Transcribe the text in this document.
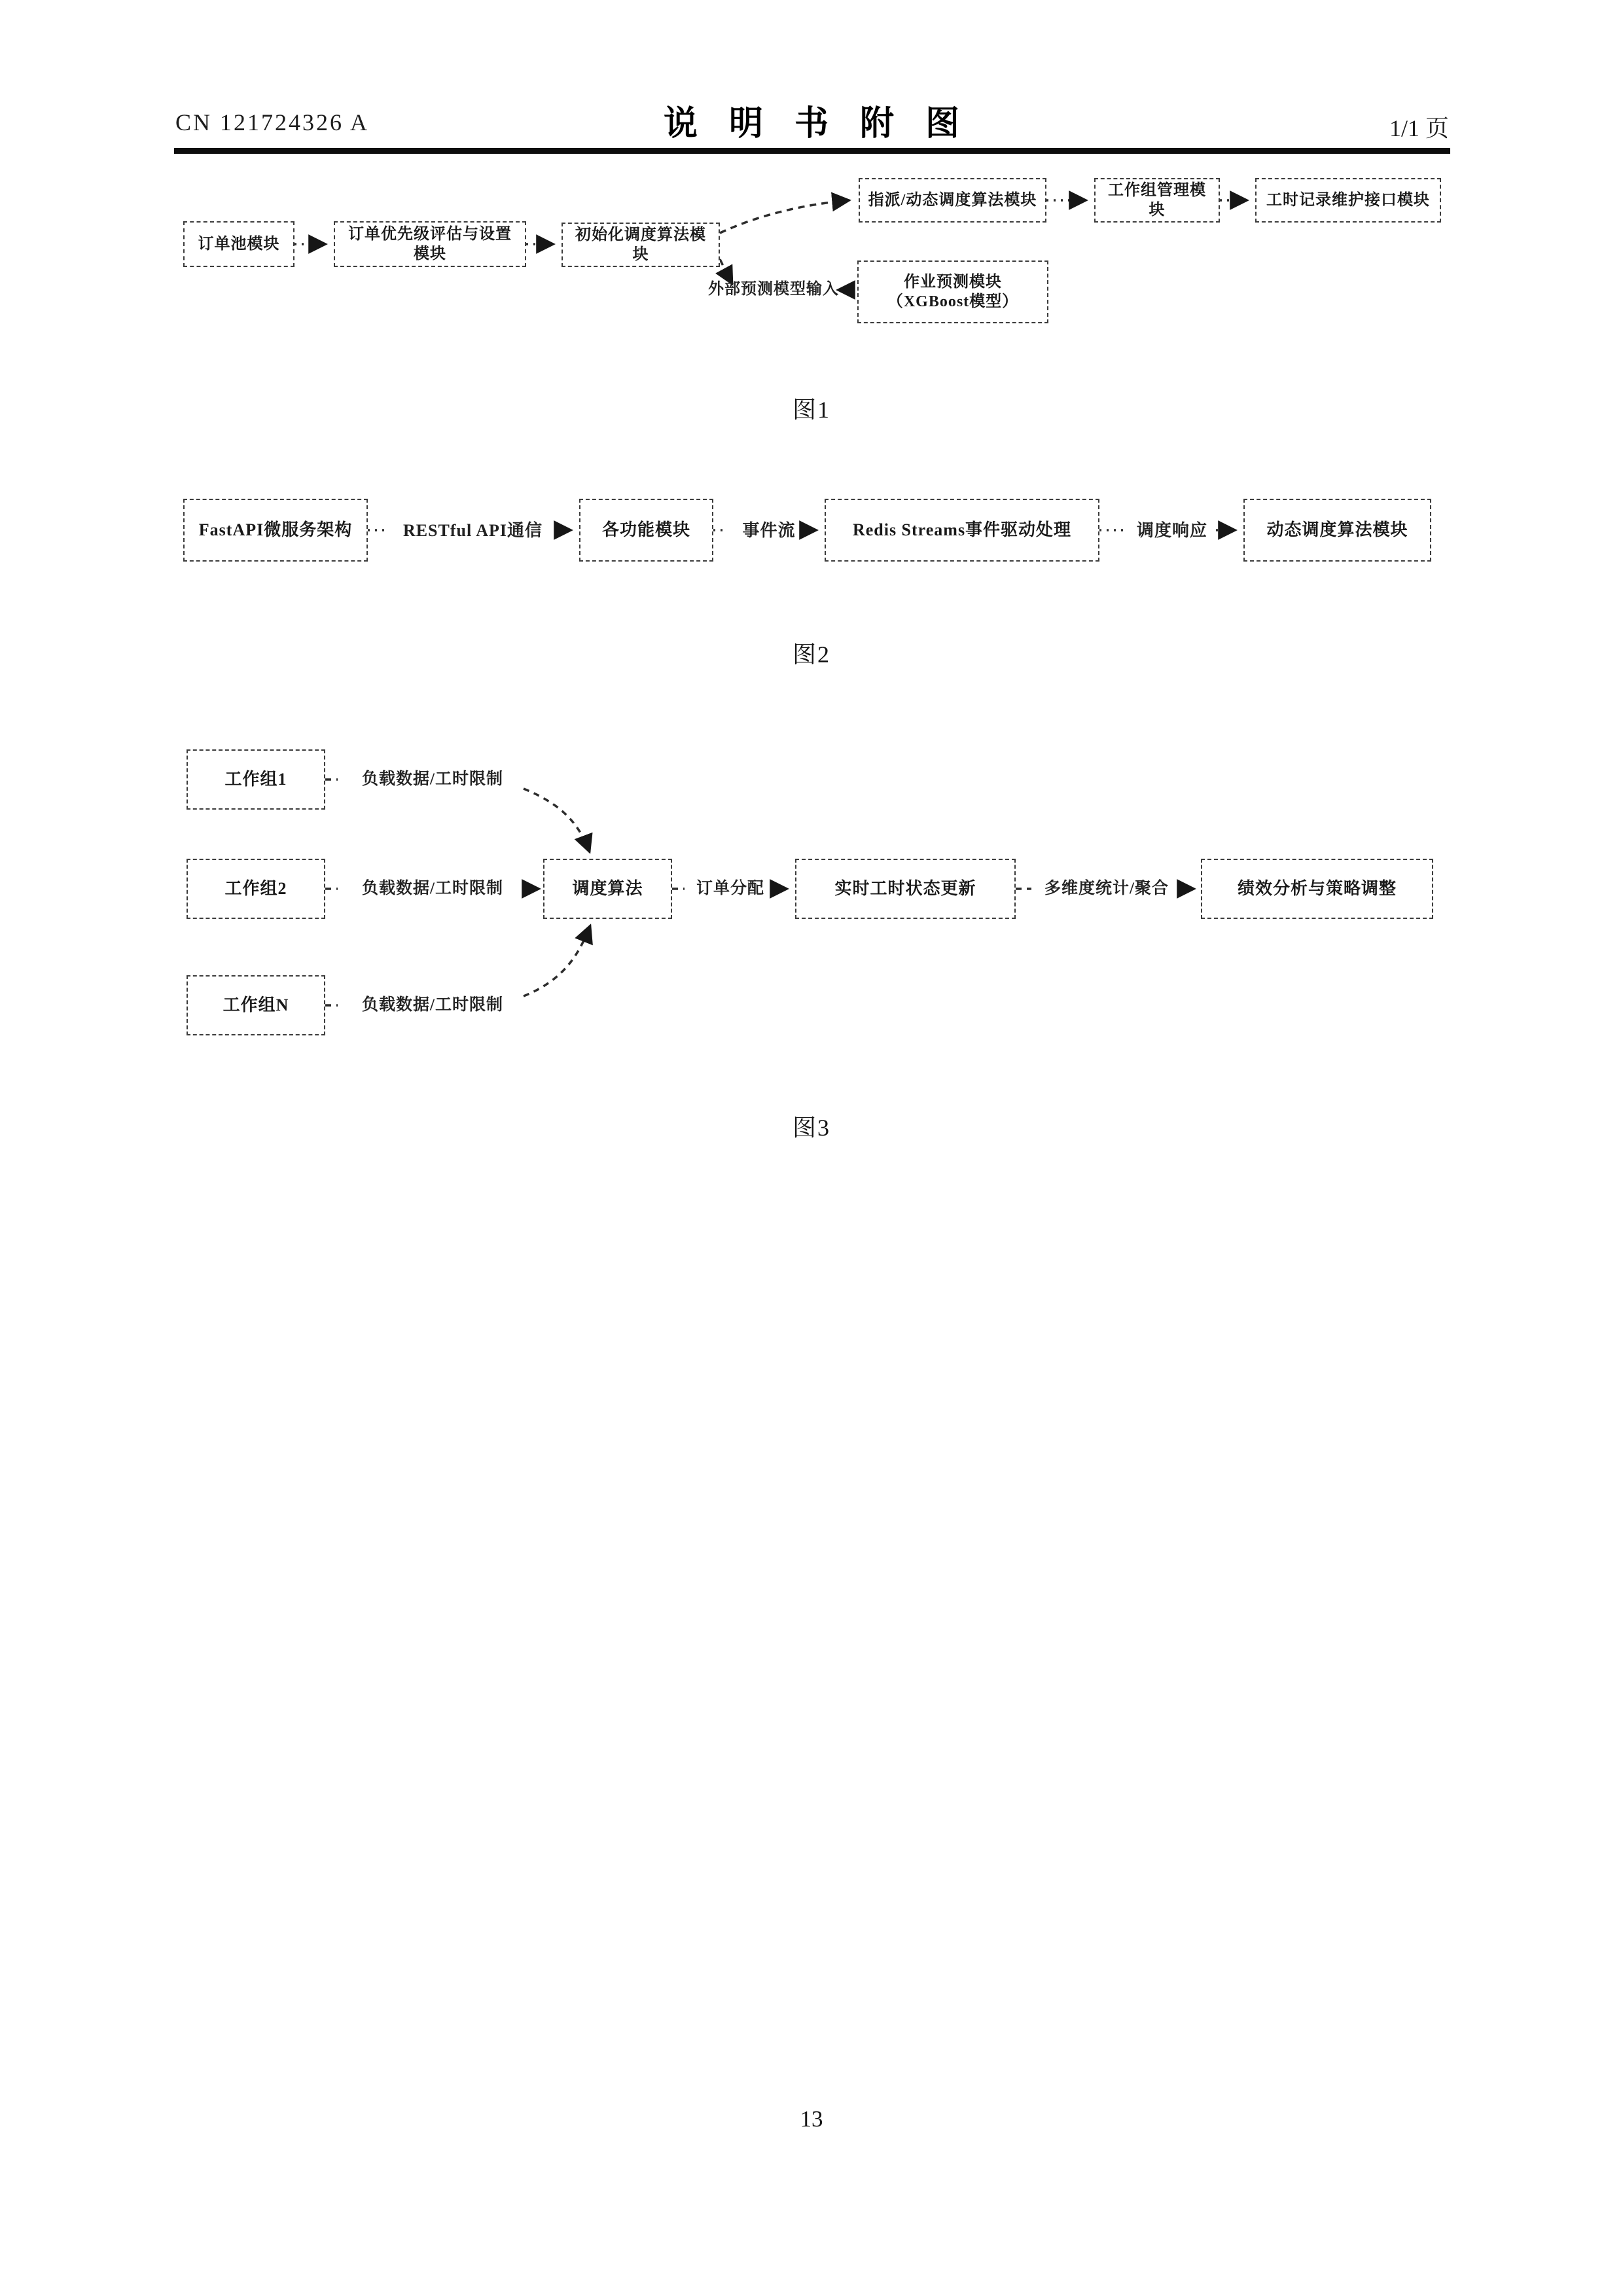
CN 121724326 A	说明书附图	1/1 页
订单池模块
订单优先级评估与设置模块
初始化调度算法模块
指派/动态调度算法模块
工作组管理模块
工时记录维护接口模块
作业预测模块（XGBoost模型）
外部预测模型输入
图1
FastAPI微服务架构	RESTful API通信	各功能模块	事件流	Redis Streams事件驱动处理	调度响应	动态调度算法模块
图2
工作组1	负载数据/工时限制
工作组2	负载数据/工时限制
工作组N	负载数据/工时限制
调度算法	订单分配	实时工时状态更新	多维度统计/聚合	绩效分析与策略调整
图3
13
